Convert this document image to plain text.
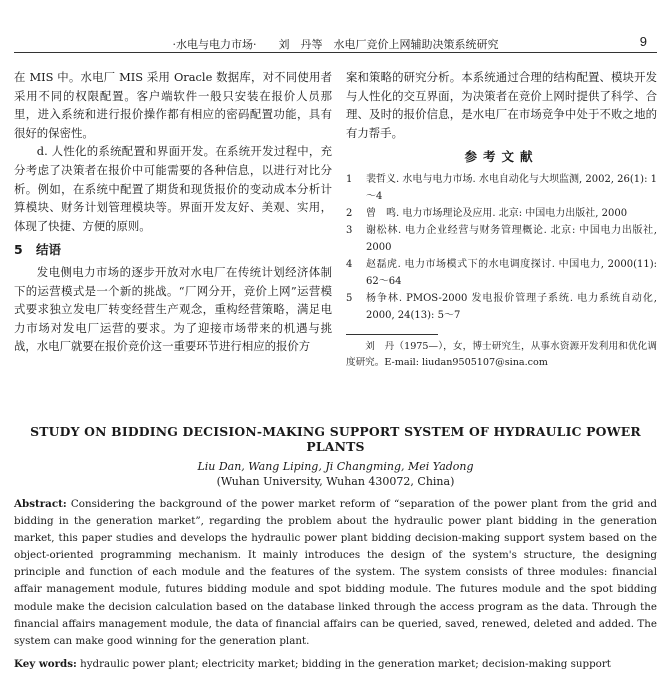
·水电与电力市场·　　刘　丹等　水电厂竞价上网辅助决策系统研究	9

在 MIS 中。水电厂 MIS 采用 Oracle 数据库，对不同使用者采用不同的权限配置。客户端软件一般只安装在报价人员那里，进入系统和进行报价操作都有相应的密码配置功能，具有很好的保密性。

d. 人性化的系统配置和界面开发。在系统开发过程中，充分考虑了决策者在报价中可能需要的各种信息，以进行对比分析。例如，在系统中配置了期货和现货报价的变动成本分析计算模块、财务计划管理模块等。界面开发友好、美观、实用，体现了快捷、方便的原则。

5 结语

发电侧电力市场的逐步开放对水电厂在传统计划经济体制下的运营模式是一个新的挑战。“厂网分开，竞价上网”运营模式要求独立发电厂转变经营生产观念，重构经营策略，满足电力市场对发电厂运营的要求。为了迎接市场带来的机遇与挑战，水电厂就要在报价竞价这一重要环节进行相应的报价方

案和策略的研究分析。本系统通过合理的结构配置、模块开发与人性化的交互界面，为决策者在竞价上网时提供了科学、合理、及时的报价信息，是水电厂在市场竞争中处于不败之地的有力帮手。

参考文献
1	裴哲义. 水电与电力市场. 水电自动化与大坝监测, 2002, 26(1): 1～4
2	曾　鸣. 电力市场理论及应用. 北京: 中国电力出版社, 2000
3	谢松林. 电力企业经营与财务管理概论. 北京: 中国电力出版社, 2000
4	赵磊虎. 电力市场模式下的水电调度探讨. 中国电力, 2000(11): 62～64
5	杨争林. PMOS-2000 发电报价管理子系统. 电力系统自动化, 2000, 24(13): 5～7

刘　丹（1975—），女，博士研究生，从事水资源开发利用和优化调度研究。E-mail: liudan9505107@sina.com

STUDY ON BIDDING DECISION-MAKING SUPPORT SYSTEM OF HYDRAULIC POWER PLANTS
Liu Dan, Wang Liping, Ji Changming, Mei Yadong
(Wuhan University, Wuhan 430072, China)

Abstract: Considering the background of the power market reform of “separation of the power plant from the grid and bidding in the generation market”, regarding the problem about the hydraulic power plant bidding in the generation market, this paper studies and develops the hydraulic power plant bidding decision-making support system based on the object-oriented programming mechanism. It mainly introduces the design of the system's structure, the designing principle and function of each module and the features of the system. The system consists of three modules: financial affair management module, futures bidding module and spot bidding module. The futures module and the spot bidding module make the decision calculation based on the database linked through the access program as the data. Through the financial affairs management module, the data of financial affairs can be queried, saved, renewed, deleted and added. The system can make good winning for the generation plant.

Key words: hydraulic power plant; electricity market; bidding in the generation market; decision-making support
